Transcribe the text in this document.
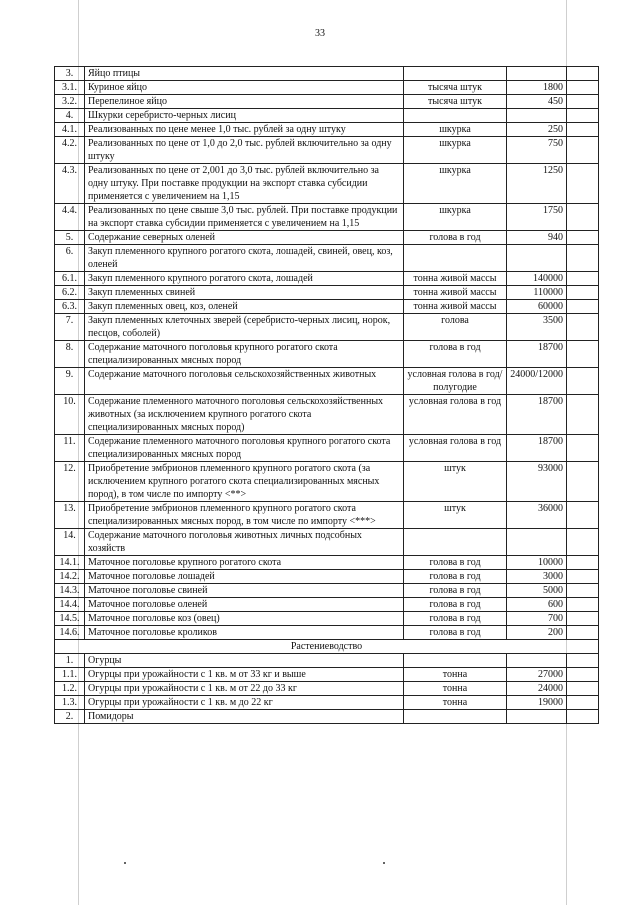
33
3.	Яйцо птицы			
3.1.	Куриное яйцо	тысяча штук	1800	
3.2.	Перепелиное яйцо	тысяча штук	450	
4.	Шкурки серебристо-черных лисиц			
4.1.	Реализованных по цене менее 1,0 тыс. рублей за одну штуку	шкурка	250	
4.2.	Реализованных по цене от 1,0 до 2,0 тыс. рублей включительно за одну штуку	шкурка	750	
4.3.	Реализованных по цене от 2,001 до 3,0 тыс. рублей включительно за одну штуку. При поставке продукции на экспорт ставка субсидии применяется с увеличением на 1,15	шкурка	1250	
4.4.	Реализованных по цене свыше 3,0 тыс. рублей. При поставке продукции на экспорт ставка субсидии применяется с увеличением на 1,15	шкурка	1750	
5.	Содержание северных оленей	голова в год	940	
6.	Закуп племенного крупного рогатого скота, лошадей, свиней, овец, коз, оленей			
6.1.	Закуп племенного крупного рогатого скота, лошадей	тонна живой массы	140000	
6.2.	Закуп племенных свиней	тонна живой массы	110000	
6.3.	Закуп племенных овец, коз, оленей	тонна живой массы	60000	
7.	Закуп племенных клеточных зверей (серебристо-черных лисиц, норок, песцов, соболей)	голова	3500	
8.	Содержание маточного поголовья крупного рогатого скота специализированных мясных пород	голова в год	18700	
9.	Содержание маточного поголовья сельскохозяйственных животных	условная голова в год/ полугодие	24000/12000	
10.	Содержание племенного маточного поголовья сельскохозяйственных животных (за исключением крупного рогатого скота специализированных мясных пород)	условная голова в год	18700	
11.	Содержание племенного маточного поголовья крупного рогатого скота специализированных мясных пород	условная голова в год	18700	
12.	Приобретение эмбрионов племенного крупного рогатого скота (за исключением крупного рогатого скота специализированных мясных пород), в том числе по импорту <**>	штук	93000	
13.	Приобретение эмбрионов племенного крупного рогатого скота специализированных мясных пород, в том числе по импорту <***>	штук	36000	
14.	Содержание маточного поголовья животных личных подсобных хозяйств			
14.1.	Маточное поголовье крупного рогатого скота	голова в год	10000	
14.2.	Маточное поголовье лошадей	голова в год	3000	
14.3.	Маточное поголовье свиней	голова в год	5000	
14.4.	Маточное поголовье оленей	голова в год	600	
14.5.	Маточное поголовье коз (овец)	голова в год	700	
14.6.	Маточное поголовье кроликов	голова в год	200	
Растениеводство				
1.	Огурцы			
1.1.	Огурцы при урожайности с 1 кв. м от 33 кг и выше	тонна	27000	
1.2.	Огурцы при урожайности с 1 кв. м от 22 до 33 кг	тонна	24000	
1.3.	Огурцы при урожайности с 1 кв. м до 22 кг	тонна	19000	
2.	Помидоры			
